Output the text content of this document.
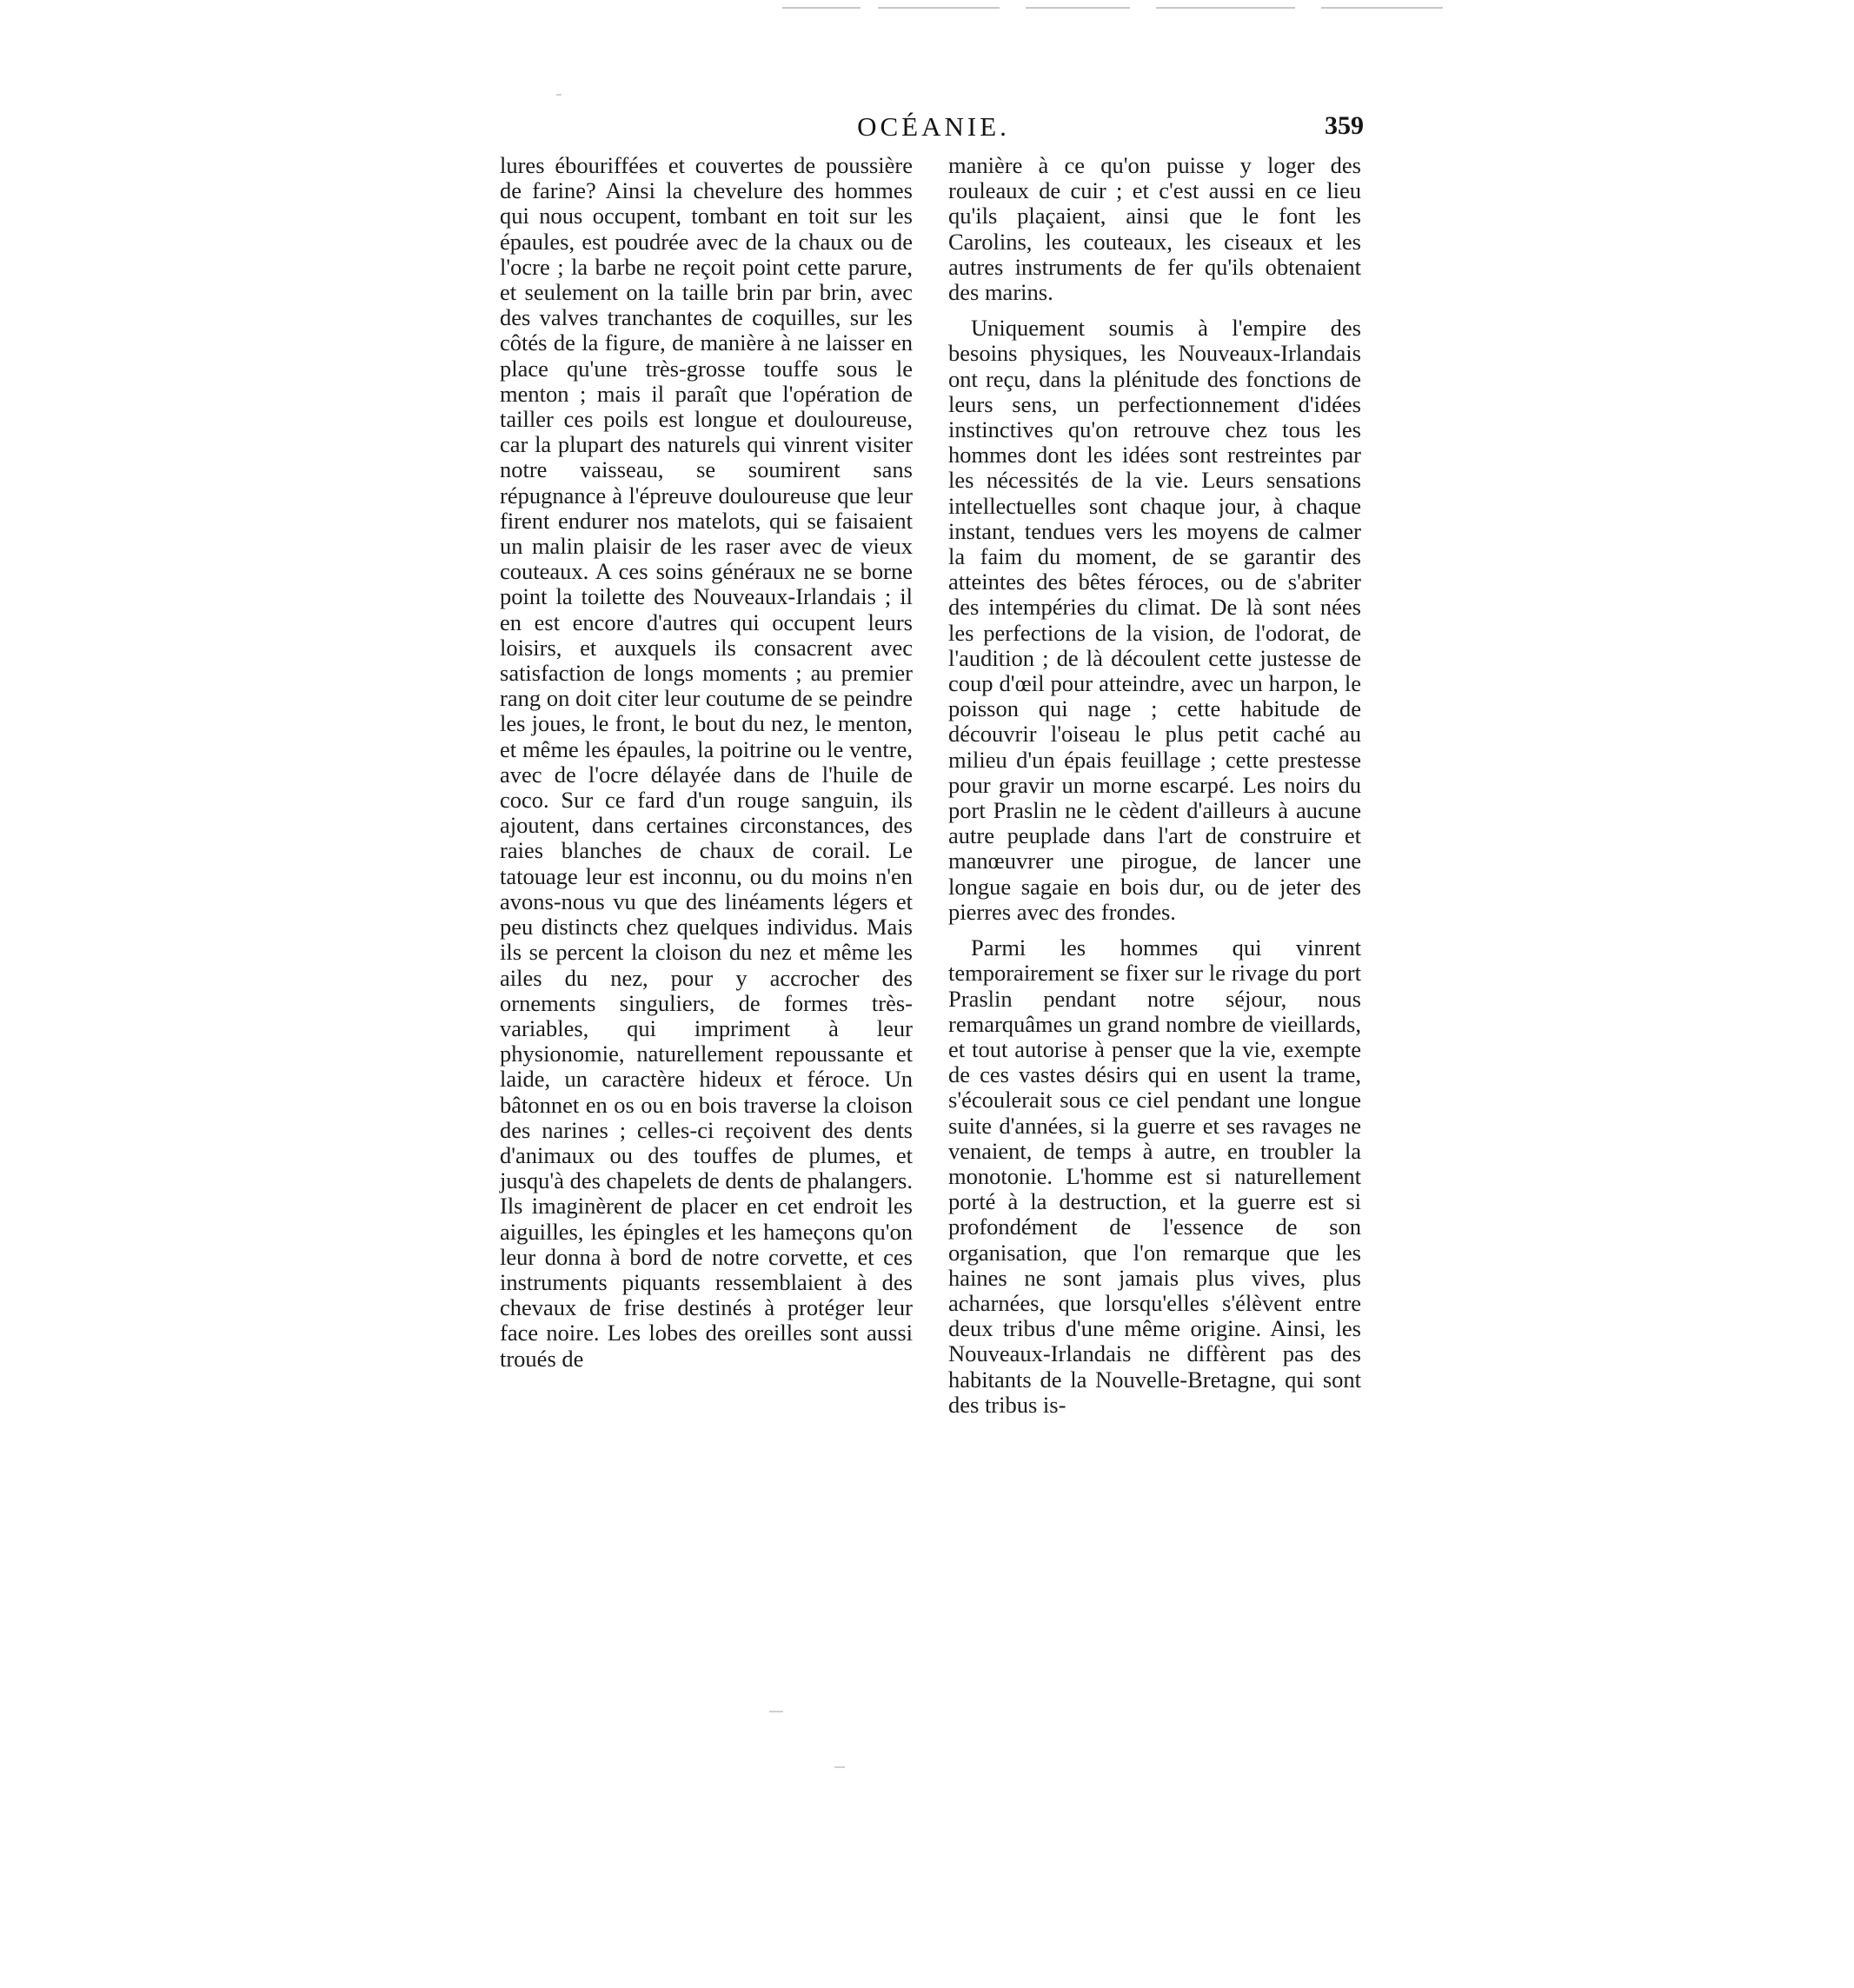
OCÉANIE.	359

lures ébouriffées et couvertes de poussière de farine? Ainsi la chevelure des hommes qui nous occupent, tombant en toit sur les épaules, est poudrée avec de la chaux ou de l'ocre ; la barbe ne reçoit point cette parure, et seulement on la taille brin par brin, avec des valves tranchantes de coquilles, sur les côtés de la figure, de manière à ne laisser en place qu'une très-grosse touffe sous le menton ; mais il paraît que l'opération de tailler ces poils est longue et douloureuse, car la plupart des naturels qui vinrent visiter notre vaisseau, se soumirent sans répugnance à l'épreuve douloureuse que leur firent endurer nos matelots, qui se faisaient un malin plaisir de les raser avec de vieux couteaux. A ces soins généraux ne se borne point la toilette des Nouveaux-Irlandais ; il en est encore d'autres qui occupent leurs loisirs, et auxquels ils consacrent avec satisfaction de longs moments ; au premier rang on doit citer leur coutume de se peindre les joues, le front, le bout du nez, le menton, et même les épaules, la poitrine ou le ventre, avec de l'ocre délayée dans de l'huile de coco. Sur ce fard d'un rouge sanguin, ils ajoutent, dans certaines circonstances, des raies blanches de chaux de corail. Le tatouage leur est inconnu, ou du moins n'en avons-nous vu que des linéaments légers et peu distincts chez quelques individus. Mais ils se percent la cloison du nez et même les ailes du nez, pour y accrocher des ornements singuliers, de formes très-variables, qui impriment à leur physionomie, naturellement repoussante et laide, un caractère hideux et féroce. Un bâtonnet en os ou en bois traverse la cloison des narines ; celles-ci reçoivent des dents d'animaux ou des touffes de plumes, et jusqu'à des chapelets de dents de phalangers. Ils imaginèrent de placer en cet endroit les aiguilles, les épingles et les hameçons qu'on leur donna à bord de notre corvette, et ces instruments piquants ressemblaient à des chevaux de frise destinés à protéger leur face noire. Les lobes des oreilles sont aussi troués de

manière à ce qu'on puisse y loger des rouleaux de cuir ; et c'est aussi en ce lieu qu'ils plaçaient, ainsi que le font les Carolins, les couteaux, les ciseaux et les autres instruments de fer qu'ils obtenaient des marins.

Uniquement soumis à l'empire des besoins physiques, les Nouveaux-Irlandais ont reçu, dans la plénitude des fonctions de leurs sens, un perfectionnement d'idées instinctives qu'on retrouve chez tous les hommes dont les idées sont restreintes par les nécessités de la vie. Leurs sensations intellectuelles sont chaque jour, à chaque instant, tendues vers les moyens de calmer la faim du moment, de se garantir des atteintes des bêtes féroces, ou de s'abriter des intempéries du climat. De là sont nées les perfections de la vision, de l'odorat, de l'audition ; de là découlent cette justesse de coup d'œil pour atteindre, avec un harpon, le poisson qui nage ; cette habitude de découvrir l'oiseau le plus petit caché au milieu d'un épais feuillage ; cette prestesse pour gravir un morne escarpé. Les noirs du port Praslin ne le cèdent d'ailleurs à aucune autre peuplade dans l'art de construire et manœuvrer une pirogue, de lancer une longue sagaie en bois dur, ou de jeter des pierres avec des frondes.

Parmi les hommes qui vinrent temporairement se fixer sur le rivage du port Praslin pendant notre séjour, nous remarquâmes un grand nombre de vieillards, et tout autorise à penser que la vie, exempte de ces vastes désirs qui en usent la trame, s'écoulerait sous ce ciel pendant une longue suite d'années, si la guerre et ses ravages ne venaient, de temps à autre, en troubler la monotonie. L'homme est si naturellement porté à la destruction, et la guerre est si profondément de l'essence de son organisation, que l'on remarque que les haines ne sont jamais plus vives, plus acharnées, que lorsqu'elles s'élèvent entre deux tribus d'une même origine. Ainsi, les Nouveaux-Irlandais ne diffèrent pas des habitants de la Nouvelle-Bretagne, qui sont des tribus is-
